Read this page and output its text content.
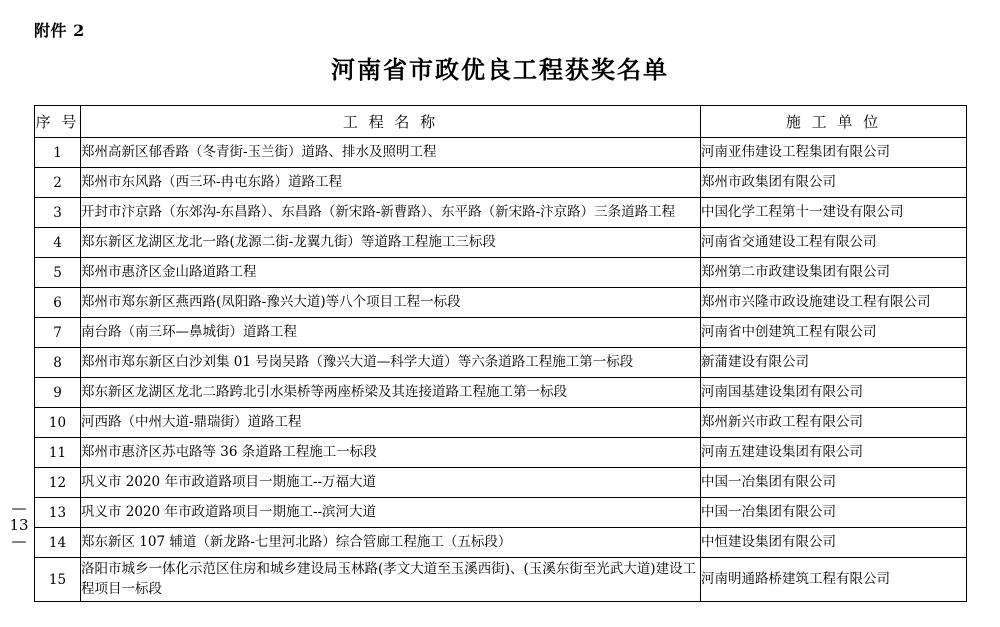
附件 2
河南省市政优良工程获奖名单
— 13 —
序 号	工 程 名 称	施 工 单 位
1	郑州高新区郁香路（冬青街-玉兰街）道路、排水及照明工程	河南亚伟建设工程集团有限公司
2	郑州市东风路（西三环-冉屯东路）道路工程	郑州市政集团有限公司
3	开封市汴京路（东郊沟-东昌路）、东昌路（新宋路-新曹路）、东平路（新宋路-汴京路）三条道路工程	中国化学工程第十一建设有限公司
4	郑东新区龙湖区龙北一路(龙源二街-龙翼九街）等道路工程施工三标段	河南省交通建设工程有限公司
5	郑州市惠济区金山路道路工程	郑州第二市政建设集团有限公司
6	郑州市郑东新区燕西路(凤阳路-豫兴大道)等八个项目工程一标段	郑州市兴隆市政设施建设工程有限公司
7	南台路（南三环—鼻城街）道路工程	河南省中创建筑工程有限公司
8	郑州市郑东新区白沙刘集 01 号岗吴路（豫兴大道—科学大道）等六条道路工程施工第一标段	新蒲建设有限公司
9	郑东新区龙湖区龙北二路跨北引水渠桥等两座桥梁及其连接道路工程施工第一标段	河南国基建设集团有限公司
10	河西路（中州大道-鼎瑞街）道路工程	郑州新兴市政工程有限公司
11	郑州市惠济区苏屯路等 36 条道路工程施工一标段	河南五建建设集团有限公司
12	巩义市 2020 年市政道路项目一期施工--万福大道	中国一冶集团有限公司
13	巩义市 2020 年市政道路项目一期施工--滨河大道	中国一冶集团有限公司
14	郑东新区 107 辅道（新龙路-七里河北路）综合管廊工程施工（五标段）	中恒建设集团有限公司
15	洛阳市城乡一体化示范区住房和城乡建设局玉林路(孝文大道至玉溪西街)、(玉溪东街至光武大道)建设工程项目一标段	河南明通路桥建筑工程有限公司
